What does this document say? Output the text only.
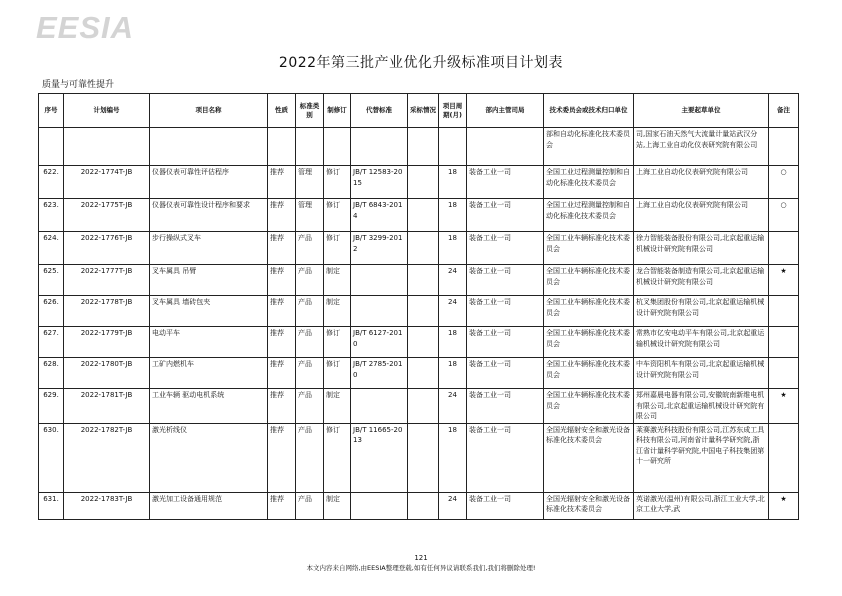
EESIA
2022年第三批产业优化升级标准项目计划表
质量与可靠性提升
序号	计划编号	项目名称	性质	标准类别	制修订	代替标准	采标情况	项目周期(月)	部内主管司局	技术委员会或技术归口单位	主要起草单位	备注
										部和自动化标准化技术委员会	司,国家石油天然气大流量计量站武汉分站,上海工业自动化仪表研究院有限公司	
622.	2022-1774T-JB	仪器仪表可靠性评估程序	推荐	管理	修订	JB/T 12583-2015		18	装备工业一司	全国工业过程测量控制和自动化标准化技术委员会	上海工业自动化仪表研究院有限公司	○
623.	2022-1775T-JB	仪器仪表可靠性设计程序和要求	推荐	管理	修订	JB/T 6843-2014		18	装备工业一司	全国工业过程测量控制和自动化标准化技术委员会	上海工业自动化仪表研究院有限公司	○
624.	2022-1776T-JB	步行操纵式叉车	推荐	产品	修订	JB/T 3299-2012		18	装备工业一司	全国工业车辆标准化技术委员会	徐力智能装备股份有限公司,北京起重运输机械设计研究院有限公司	
625.	2022-1777T-JB	叉车属具 吊臂	推荐	产品	制定			24	装备工业一司	全国工业车辆标准化技术委员会	龙合智能装备制造有限公司,北京起重运输机械设计研究院有限公司	★
626.	2022-1778T-JB	叉车属具 墙砖包夹	推荐	产品	制定			24	装备工业一司	全国工业车辆标准化技术委员会	杭叉集团股份有限公司,北京起重运输机械设计研究院有限公司	
627.	2022-1779T-JB	电动平车	推荐	产品	修订	JB/T 6127-2010		18	装备工业一司	全国工业车辆标准化技术委员会	常熟市亿安电动平车有限公司,北京起重运输机械设计研究院有限公司	
628.	2022-1780T-JB	工矿内燃机车	推荐	产品	修订	JB/T 2785-2010		18	装备工业一司	全国工业车辆标准化技术委员会	中车资阳机车有限公司,北京起重运输机械设计研究院有限公司	
629.	2022-1781T-JB	工业车辆 驱动电机系统	推荐	产品	制定			24	装备工业一司	全国工业车辆标准化技术委员会	郑州嘉晨电器有限公司,安徽皖南新维电机有限公司,北京起重运输机械设计研究院有限公司	★
630.	2022-1782T-JB	激光析线仪	推荐	产品	修订	JB/T 11665-2013		18	装备工业一司	全国光辐射安全和激光设备标准化技术委员会	莱赛激光科技股份有限公司,江苏东成工具科技有限公司,河南省计量科学研究院,浙江省计量科学研究院,中国电子科技集团第十一研究所	
631.	2022-1783T-JB	激光加工设备通用规范	推荐	产品	制定			24	装备工业一司	全国光辐射安全和激光设备标准化技术委员会	英诺激光(温州)有限公司,浙江工业大学,北京工业大学,武	★
121
本文内容来自网络,由EESIA整理登载,如有任何异议请联系我们,我们将删除处理!
